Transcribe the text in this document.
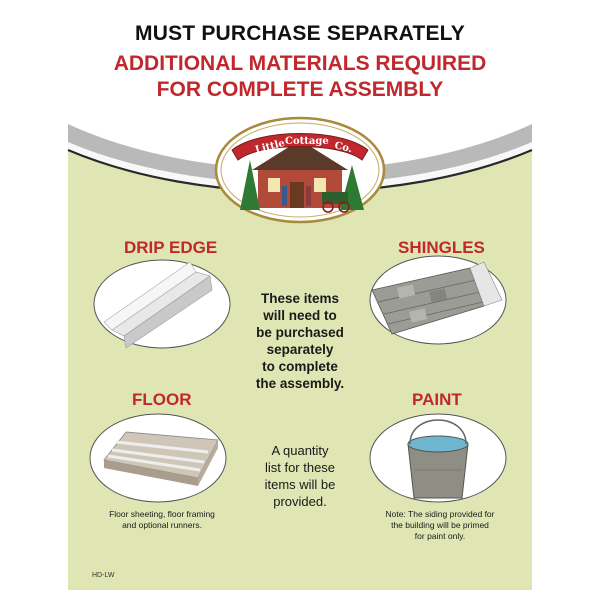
MUST PURCHASE SEPARATELY
ADDITIONAL MATERIALS REQUIRED
FOR COMPLETE ASSEMBLY
Little
Cottage Co.
DRIP EDGE	SHINGLES
FLOOR	PAINT
These items
will need to
be purchased
separately
to complete
the assembly.
A quantity
list for these
items will be
provided.
Floor sheeting, floor framing
and optional runners.
Note: The siding provided for
the building will be primed
for paint only.
HD-LW
